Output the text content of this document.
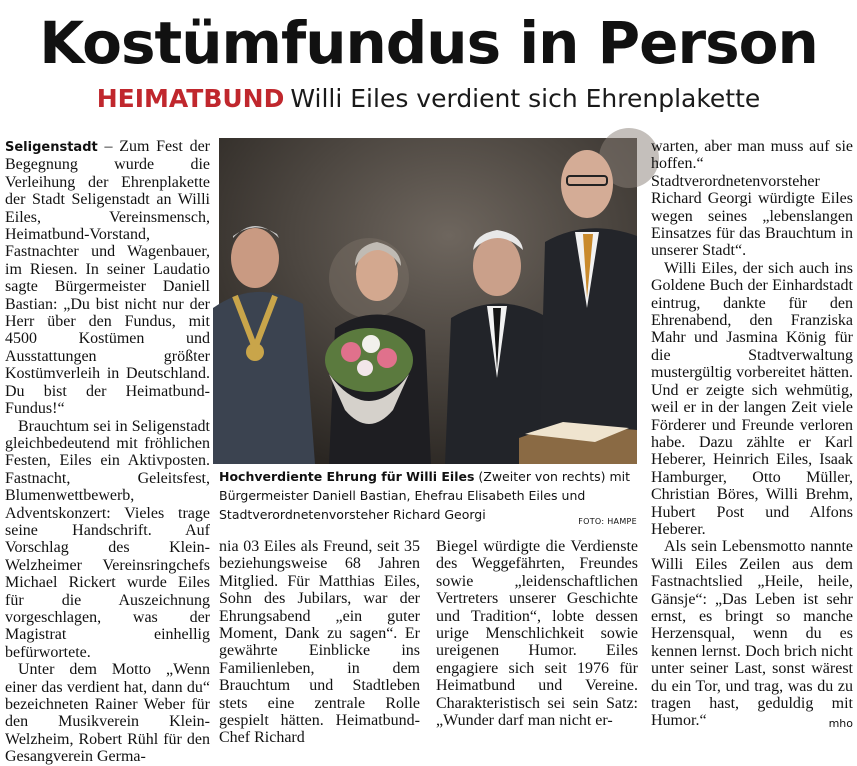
Kostümfundus in Person
HEIMATBUND Willi Eiles verdient sich Ehrenplakette

Seligenstadt – Zum Fest der Begegnung wurde die Verleihung der Ehrenplakette der Stadt Seligenstadt an Willi Eiles, Vereinsmensch, Heimatbund-Vorstand, Fastnachter und Wagenbauer, im Riesen. In seiner Laudatio sagte Bürgermeister Daniell Bastian: „Du bist nicht nur der Herr über den Fundus, mit 4500 Kostümen und Ausstattungen größter Kostümverleih in Deutschland. Du bist der Heimatbund-Fundus!“

Brauchtum sei in Seligenstadt gleichbedeutend mit fröhlichen Festen, Eiles ein Aktivposten. Fastnacht, Geleitsfest, Blumenwettbewerb, Adventskonzert: Vieles trage seine Handschrift. Auf Vorschlag des Klein-Welzheimer Vereinsringchefs Michael Rickert wurde Eiles für die Auszeichnung vorgeschlagen, was der Magistrat einhellig befürwortete.

Unter dem Motto „Wenn einer das verdient hat, dann du“ bezeichneten Rainer Weber für den Musikverein Klein-Welzheim, Robert Rühl für den Gesangverein Germa-

Hochverdiente Ehrung für Willi Eiles (Zweiter von rechts) mit Bürgermeister Daniell Bastian, Ehefrau Elisabeth Eiles und Stadtverordnetenvorsteher Richard Georgi	FOTO: HAMPE

nia 03 Eiles als Freund, seit 35 beziehungsweise 68 Jahren Mitglied. Für Matthias Eiles, Sohn des Jubilars, war der Ehrungsabend „ein guter Moment, Dank zu sagen“. Er gewährte Einblicke ins Familienleben, in dem Brauchtum und Stadtleben stets eine zentrale Rolle gespielt hätten. Heimatbund-Chef Richard

Biegel würdigte die Verdienste des Weggefährten, Freundes sowie „leidenschaftlichen Vertreters unserer Geschichte und Tradition“, lobte dessen urige Menschlichkeit sowie ureigenen Humor. Eiles engagiere sich seit 1976 für Heimatbund und Vereine. Charakteristisch sei sein Satz: „Wunder darf man nicht er-

warten, aber man muss auf sie hoffen.“ Stadtverordnetenvorsteher Richard Georgi würdigte Eiles wegen seines „lebenslangen Einsatzes für das Brauchtum in unserer Stadt“.

Willi Eiles, der sich auch ins Goldene Buch der Einhardstadt eintrug, dankte für den Ehrenabend, den Franziska Mahr und Jasmina König für die Stadtverwaltung mustergültig vorbereitet hätten. Und er zeigte sich wehmütig, weil er in der langen Zeit viele Förderer und Freunde verloren habe. Dazu zählte er Karl Heberer, Heinrich Eiles, Isaak Hamburger, Otto Müller, Christian Böres, Willi Brehm, Hubert Post und Alfons Heberer.

Als sein Lebensmotto nannte Willi Eiles Zeilen aus dem Fastnachtslied „Heile, heile, Gänsje“: „Das Leben ist sehr ernst, es bringt so manche Herzensqual, wenn du es kennen lernst. Doch brich nicht unter seiner Last, sonst wärest du ein Tor, und trag, was du zu tragen hast, geduldig mit Humor.“	mho
